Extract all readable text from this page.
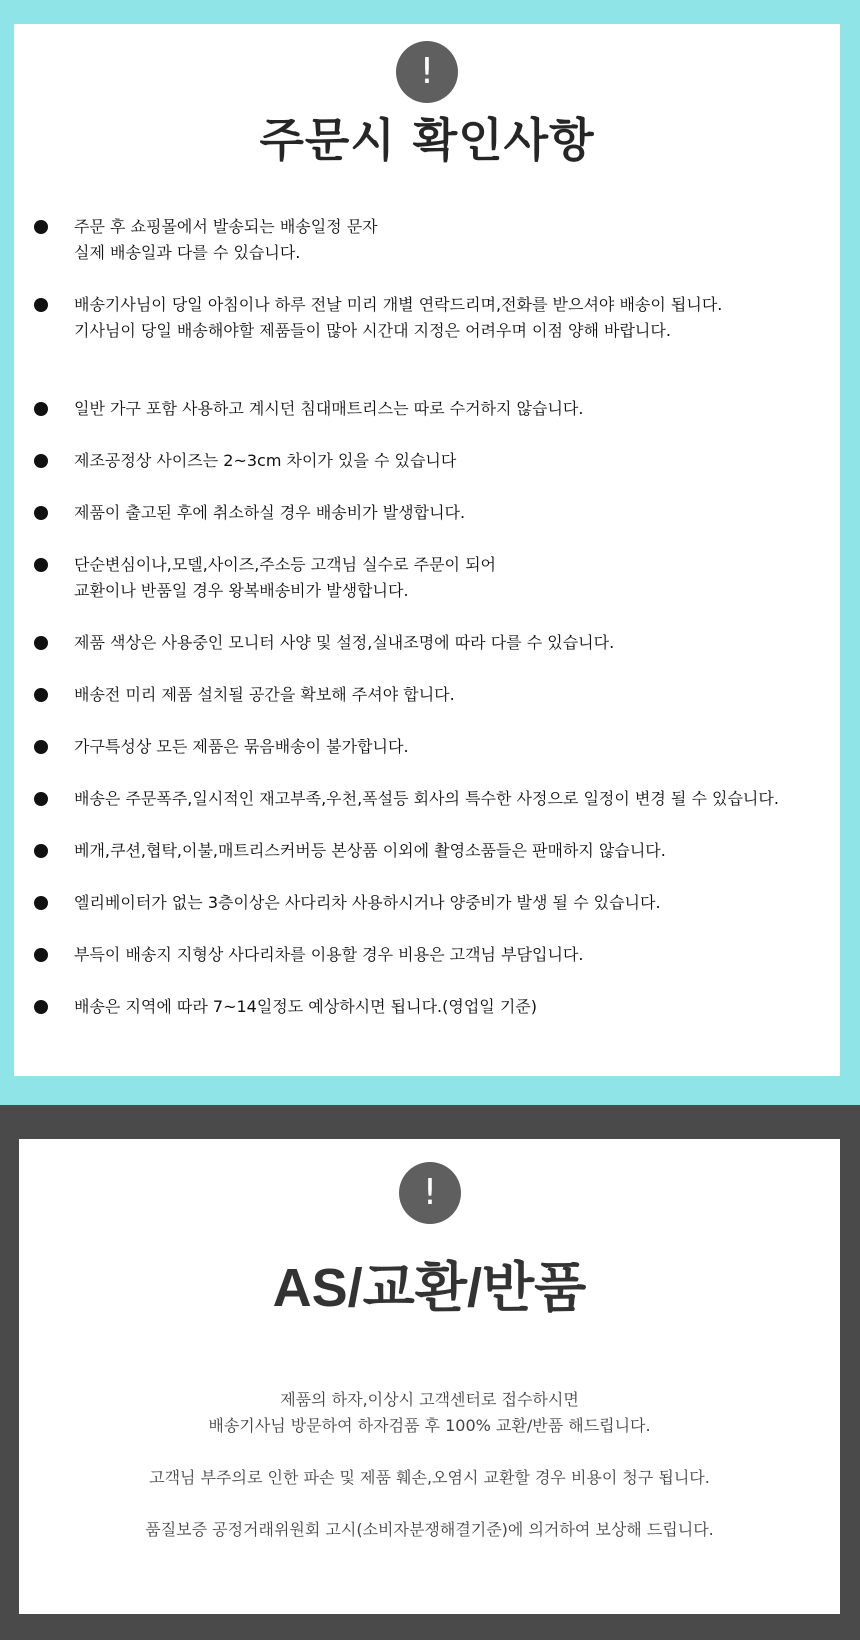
!
주문시 확인사항
주문 후 쇼핑몰에서 발송되는 배송일정 문자
실제 배송일과 다를 수 있습니다.
배송기사님이 당일 아침이나 하루 전날 미리 개별 연락드리며,전화를 받으셔야 배송이 됩니다.
기사님이 당일 배송해야할 제품들이 많아 시간대 지정은 어려우며 이점 양해 바랍니다.
일반 가구 포함 사용하고 계시던 침대매트리스는 따로 수거하지 않습니다.
제조공정상 사이즈는 2~3cm 차이가 있을 수 있습니다
제품이 출고된 후에 취소하실 경우 배송비가 발생합니다.
단순변심이나,모델,사이즈,주소등 고객님 실수로 주문이 되어
교환이나 반품일 경우 왕복배송비가 발생합니다.
제품 색상은 사용중인 모니터 사양 및 설정,실내조명에 따라 다를 수 있습니다.
배송전 미리 제품 설치될 공간을 확보해 주셔야 합니다.
가구특성상 모든 제품은 묶음배송이 불가합니다.
배송은 주문폭주,일시적인 재고부족,우천,폭설등 회사의 특수한 사정으로 일정이 변경 될 수 있습니다.
베개,쿠션,협탁,이불,매트리스커버등 본상품 이외에 촬영소품들은 판매하지 않습니다.
엘리베이터가 없는 3층이상은 사다리차 사용하시거나 양중비가 발생 될 수 있습니다.
부득이 배송지 지형상 사다리차를 이용할 경우 비용은 고객님 부담입니다.
배송은 지역에 따라 7~14일정도 예상하시면 됩니다.(영업일 기준)
!
AS/교환/반품

제품의 하자,이상시 고객센터로 접수하시면
배송기사님 방문하여 하자검품 후 100% 교환/반품 해드립니다.

고객님 부주의로 인한 파손 및 제품 훼손,오염시 교환할 경우 비용이 청구 됩니다.

품질보증 공정거래위원회 고시(소비자분쟁해결기준)에 의거하여 보상해 드립니다.
